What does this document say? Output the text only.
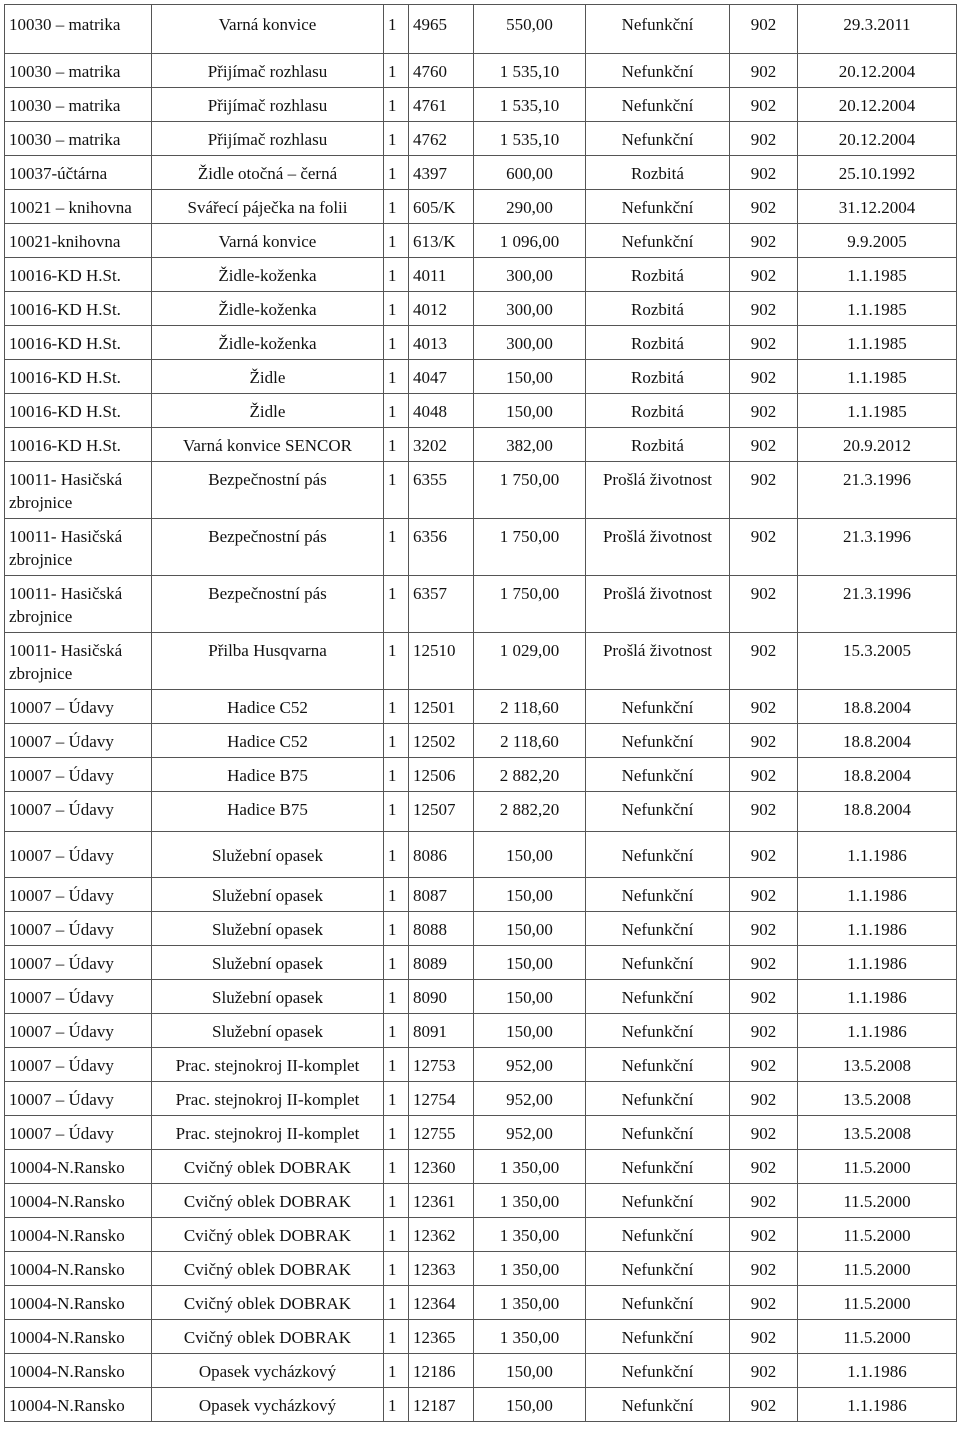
10030 – matrika	Varná konvice	1	4965	550,00	Nefunkční	902	29.3.2011
10030 – matrika	Přijímač rozhlasu	1	4760	1 535,10	Nefunkční	902	20.12.2004
10030 – matrika	Přijímač rozhlasu	1	4761	1 535,10	Nefunkční	902	20.12.2004
10030 – matrika	Přijímač rozhlasu	1	4762	1 535,10	Nefunkční	902	20.12.2004
10037-účtárna	Židle otočná – černá	1	4397	600,00	Rozbitá	902	25.10.1992
10021 – knihovna	Svářecí páječka na folii	1	605/K	290,00	Nefunkční	902	31.12.2004
10021-knihovna	Varná konvice	1	613/K	1 096,00	Nefunkční	902	9.9.2005
10016-KD H.St.	Židle-koženka	1	4011	300,00	Rozbitá	902	1.1.1985
10016-KD H.St.	Židle-koženka	1	4012	300,00	Rozbitá	902	1.1.1985
10016-KD H.St.	Židle-koženka	1	4013	300,00	Rozbitá	902	1.1.1985
10016-KD H.St.	Židle	1	4047	150,00	Rozbitá	902	1.1.1985
10016-KD H.St.	Židle	1	4048	150,00	Rozbitá	902	1.1.1985
10016-KD H.St.	Varná konvice SENCOR	1	3202	382,00	Rozbitá	902	20.9.2012
10011- Hasičská zbrojnice	Bezpečnostní pás	1	6355	1 750,00	Prošlá životnost	902	21.3.1996
10011- Hasičská zbrojnice	Bezpečnostní pás	1	6356	1 750,00	Prošlá životnost	902	21.3.1996
10011- Hasičská zbrojnice	Bezpečnostní pás	1	6357	1 750,00	Prošlá životnost	902	21.3.1996
10011- Hasičská zbrojnice	Přilba Husqvarna	1	12510	1 029,00	Prošlá životnost	902	15.3.2005
10007 – Údavy	Hadice C52	1	12501	2 118,60	Nefunkční	902	18.8.2004
10007 – Údavy	Hadice C52	1	12502	2 118,60	Nefunkční	902	18.8.2004
10007 – Údavy	Hadice B75	1	12506	2 882,20	Nefunkční	902	18.8.2004
10007 – Údavy	Hadice B75	1	12507	2 882,20	Nefunkční	902	18.8.2004
10007 – Údavy	Služební opasek	1	8086	150,00	Nefunkční	902	1.1.1986
10007 – Údavy	Služební opasek	1	8087	150,00	Nefunkční	902	1.1.1986
10007 – Údavy	Služební opasek	1	8088	150,00	Nefunkční	902	1.1.1986
10007 – Údavy	Služební opasek	1	8089	150,00	Nefunkční	902	1.1.1986
10007 – Údavy	Služební opasek	1	8090	150,00	Nefunkční	902	1.1.1986
10007 – Údavy	Služební opasek	1	8091	150,00	Nefunkční	902	1.1.1986
10007 – Údavy	Prac. stejnokroj II-komplet	1	12753	952,00	Nefunkční	902	13.5.2008
10007 – Údavy	Prac. stejnokroj II-komplet	1	12754	952,00	Nefunkční	902	13.5.2008
10007 – Údavy	Prac. stejnokroj II-komplet	1	12755	952,00	Nefunkční	902	13.5.2008
10004-N.Ransko	Cvičný oblek DOBRAK	1	12360	1 350,00	Nefunkční	902	11.5.2000
10004-N.Ransko	Cvičný oblek DOBRAK	1	12361	1 350,00	Nefunkční	902	11.5.2000
10004-N.Ransko	Cvičný oblek DOBRAK	1	12362	1 350,00	Nefunkční	902	11.5.2000
10004-N.Ransko	Cvičný oblek DOBRAK	1	12363	1 350,00	Nefunkční	902	11.5.2000
10004-N.Ransko	Cvičný oblek DOBRAK	1	12364	1 350,00	Nefunkční	902	11.5.2000
10004-N.Ransko	Cvičný oblek DOBRAK	1	12365	1 350,00	Nefunkční	902	11.5.2000
10004-N.Ransko	Opasek vycházkový	1	12186	150,00	Nefunkční	902	1.1.1986
10004-N.Ransko	Opasek vycházkový	1	12187	150,00	Nefunkční	902	1.1.1986
